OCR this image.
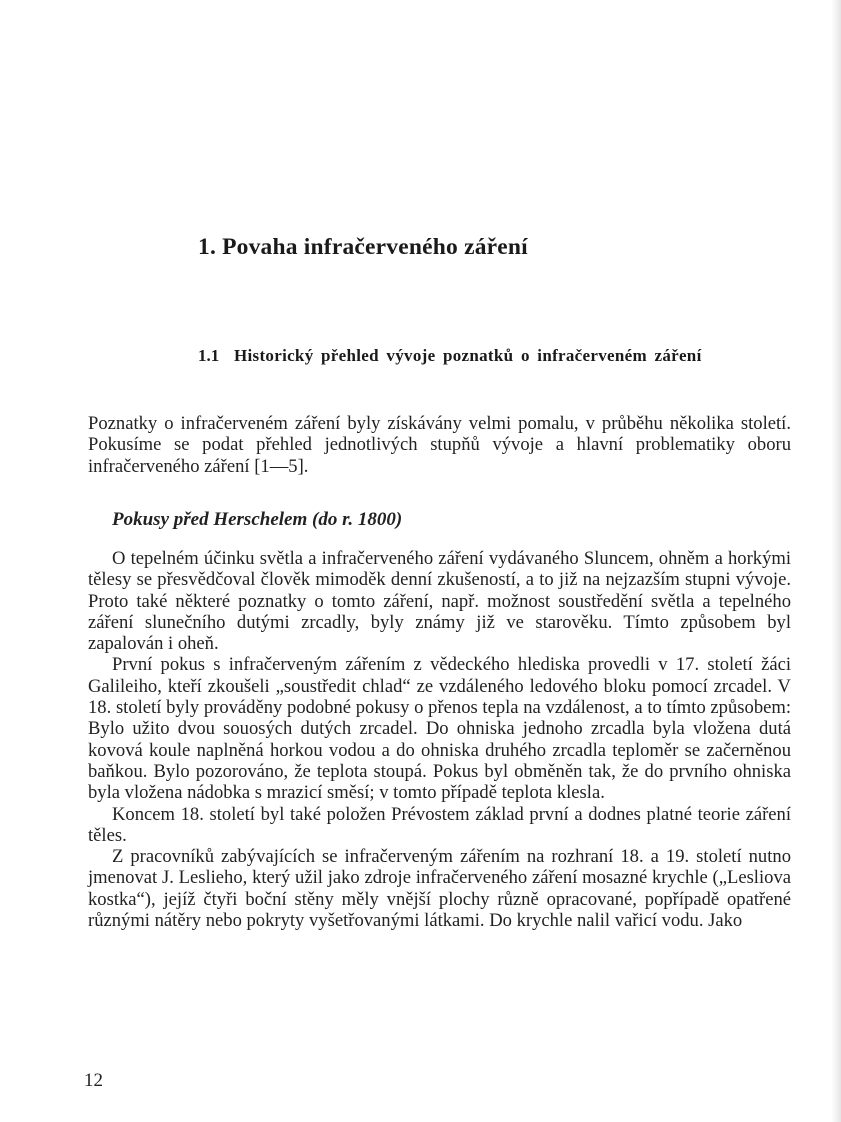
1. Povaha infračerveného záření
1.1 Historický přehled vývoje poznatků o infračerveném záření

Poznatky o infračerveném záření byly získávány velmi pomalu, v průběhu několika století. Pokusíme se podat přehled jednotlivých stupňů vývoje a hlavní problematiky oboru infračerveného záření [1—5].

Pokusy před Herschelem (do r. 1800)

O tepelném účinku světla a infračerveného záření vydávaného Sluncem, ohněm a horkými tělesy se přesvědčoval člověk mimoděk denní zkušeností, a to již na nejzazším stupni vývoje. Proto také některé poznatky o tomto záření, např. možnost soustředění světla a tepelného záření slunečního dutými zrcadly, byly známy již ve starověku. Tímto způsobem byl zapalován i oheň.

První pokus s infračerveným zářením z vědeckého hlediska provedli v 17. století žáci Galileiho, kteří zkoušeli „soustředit chlad“ ze vzdáleného ledového bloku pomocí zrcadel. V 18. století byly prováděny podobné pokusy o přenos tepla na vzdálenost, a to tímto způsobem: Bylo užito dvou souosých dutých zrcadel. Do ohniska jednoho zrcadla byla vložena dutá kovová koule naplněná horkou vodou a do ohniska druhého zrcadla teploměr se začerněnou baňkou. Bylo pozorováno, že teplota stoupá. Pokus byl obměněn tak, že do prvního ohniska byla vložena nádobka s mrazicí směsí; v tomto případě teplota klesla.

Koncem 18. století byl také položen Prévostem základ první a dodnes platné teorie záření těles.

Z pracovníků zabývajících se infračerveným zářením na rozhraní 18. a 19. století nutno jmenovat J. Leslieho, který užil jako zdroje infračerveného záření mosazné krychle („Lesliova kostka“), jejíž čtyři boční stěny měly vnější plochy různě opracované, popřípadě opatřené různými nátěry nebo pokryty vyšetřovanými látkami. Do krychle nalil vařicí vodu. Jako

12
